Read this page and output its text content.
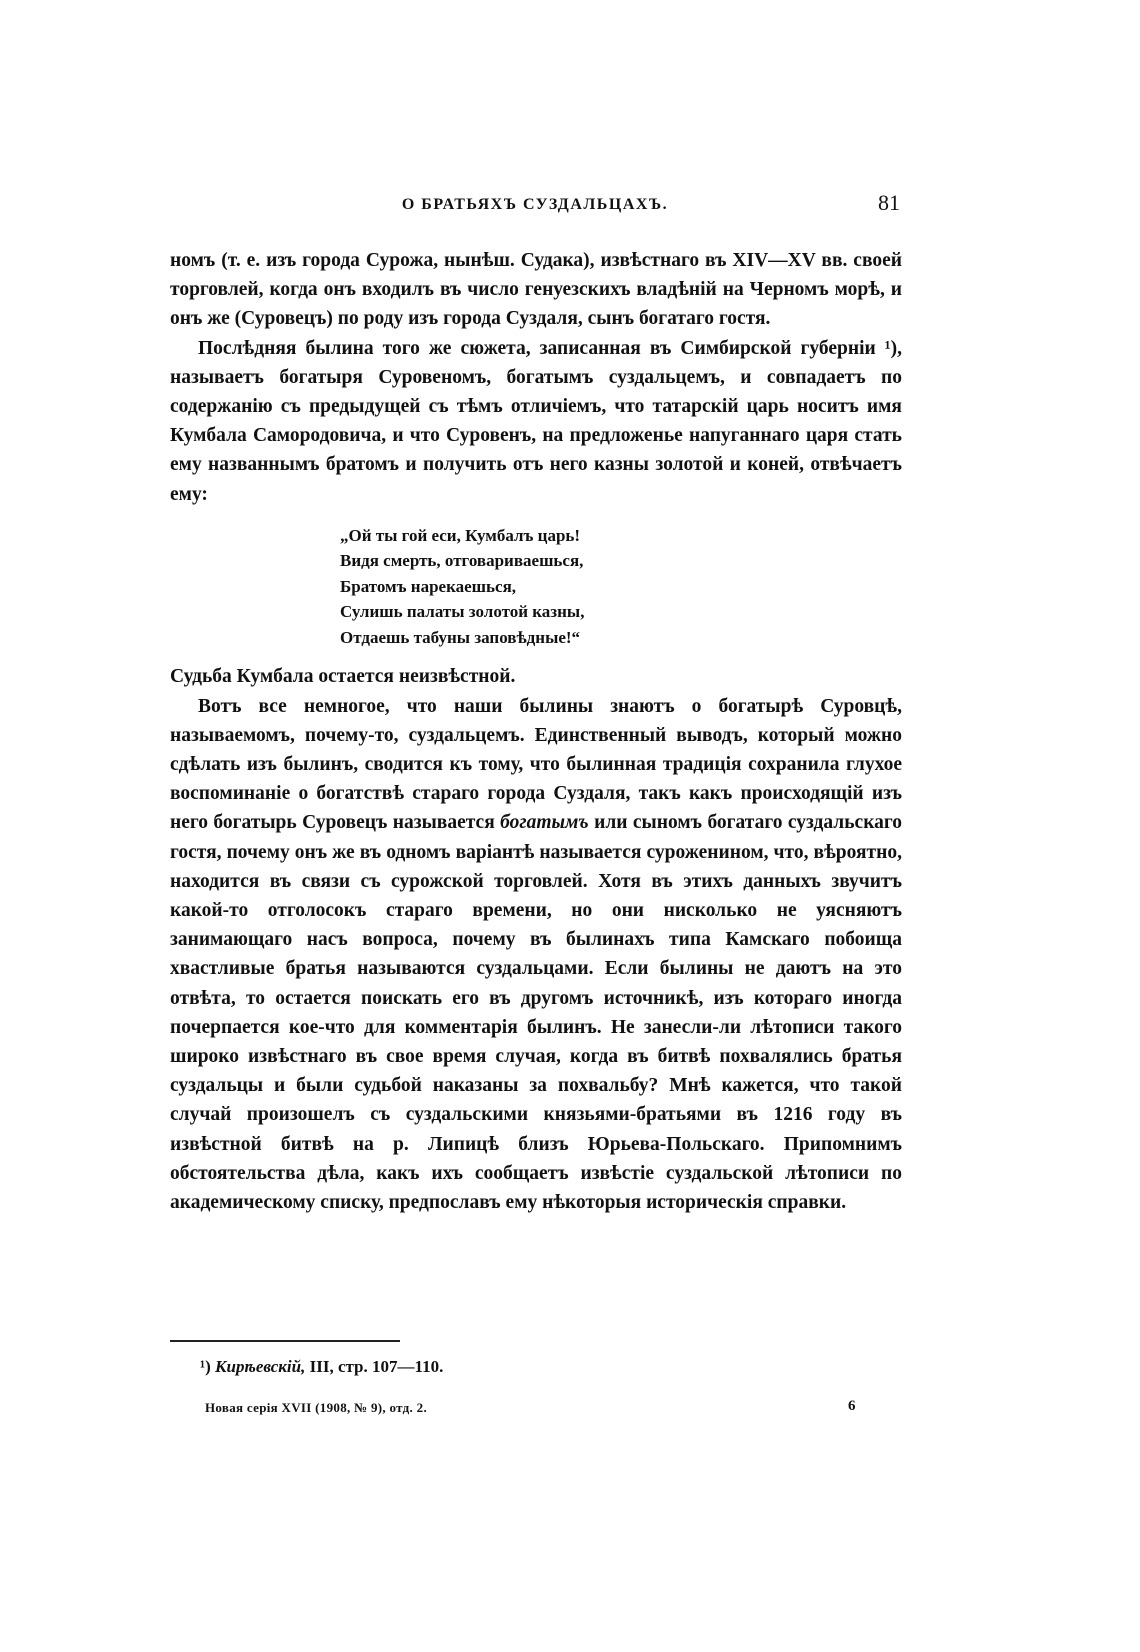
О БРАТЬЯХЪ СУЗДАЛЬЦАХЪ.	81
номъ (т. е. изъ города Сурожа, нынѣш. Судака), извѣстнаго въ XIV—XV вв. своей торговлей, когда онъ входилъ въ число генуезскихъ владѣній на Черномъ морѣ, и онъ же (Суровецъ) по роду изъ города Суздаля, сынъ богатаго гостя.
Послѣдняя былина того же сюжета, записанная въ Симбирской губерніи ¹), называетъ богатыря Суровеномъ, богатымъ суздальцемъ, и совпадаетъ по содержанію съ предыдущей съ тѣмъ отличіемъ, что татарскій царь носитъ имя Кумбала Самородовича, и что Суровенъ, на предложенье напуганнаго царя стать ему названнымъ братомъ и получить отъ него казны золотой и коней, отвѣчаетъ ему:
„Ой ты гой еси, Кумбалъ царь!
Видя смерть, отговариваешься,
Братомъ нарекаешься,
Сулишь палаты золотой казны,
Отдаешь табуны заповѣдные!“
Судьба Кумбала остается неизвѣстной.
Вотъ все немногое, что наши былины знаютъ о богатырѣ Суровцѣ, называемомъ, почему-то, суздальцемъ. Единственный выводъ, который можно сдѣлать изъ былинъ, сводится къ тому, что былинная традиція сохранила глухое воспоминаніе о богатствѣ стараго города Суздаля, такъ какъ происходящій изъ него богатырь Суровецъ называется богатымъ или сыномъ богатаго суздальскаго гостя, почему онъ же въ одномъ варіантѣ называется суроженином, что, вѣроятно, находится въ связи съ сурожской торговлей. Хотя въ этихъ данныхъ звучитъ какой-то отголосокъ стараго времени, но они нисколько не уясняютъ занимающаго насъ вопроса, почему въ былинахъ типа Камскаго побоища хвастливые братья называются суздальцами. Если былины не даютъ на это отвѣта, то остается поискать его въ другомъ источникѣ, изъ котораго иногда почерпается кое-что для комментарія былинъ. Не занесли-ли лѣтописи такого широко извѣстнаго въ свое время случая, когда въ битвѣ похвалялись братья суздальцы и были судьбой наказаны за похвальбу? Мнѣ кажется, что такой случай произошелъ съ суздальскими князьями-братьями въ 1216 году въ извѣстной битвѣ на р. Липицѣ близъ Юрьева-Польскаго. Припомнимъ обстоятельства дѣла, какъ ихъ сообщаетъ извѣстіе суздальской лѣтописи по академическому списку, предпославъ ему нѣкоторыя историческія справки.
¹) Кирѣевскій, III, стр. 107—110.
Новая серія XVII (1908, № 9), отд. 2.	6
